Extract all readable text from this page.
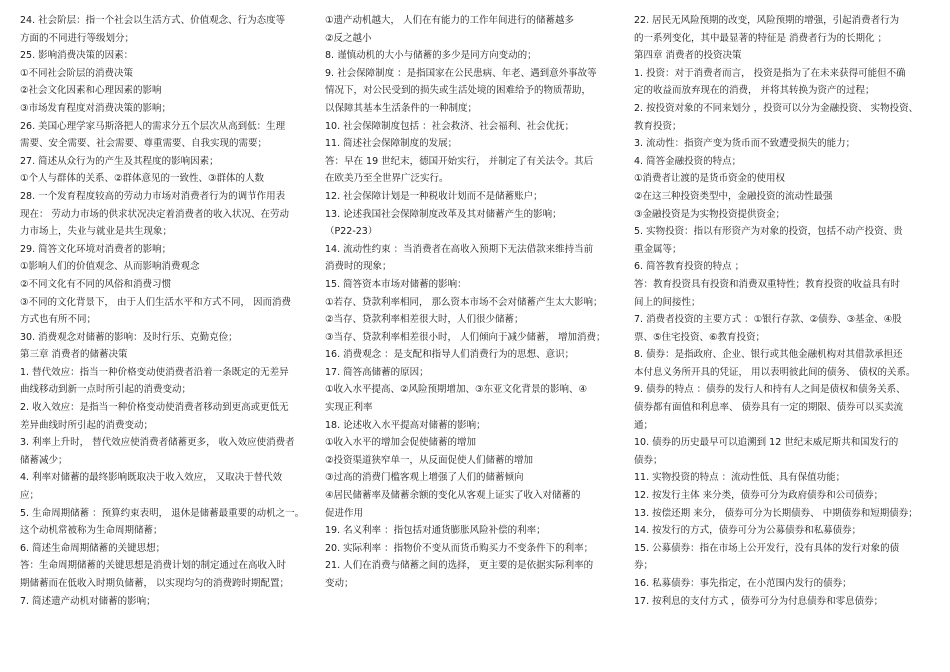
24. 社会阶层：指一个社会以生活方式、价值观念、行为态度等
方面的不同进行等级划分；
25. 影响消费决策的因素：
①不同社会阶层的消费决策
②社会文化因素和心理因素的影响
③市场发育程度对消费决策的影响；
26. 美国心理学家马斯洛把人的需求分五个层次从高到低：生理
需要、安全需要、社会需要、尊重需要、自我实现的需要；
27. 简述从众行为的产生及其程度的影响因素；
①个人与群体的关系、②群体意见的一致性、③群体的人数
28. 一个发育程度较高的劳动力市场对消费者行为的调节作用表
现在： 劳动力市场的供求状况决定着消费者的收入状况、在劳动
力市场上，失业与就业是共生现象；
29. 简答文化环境对消费者的影响；
①影响人们的价值观念、从而影响消费观念
②不同文化有不同的风俗和消费习惯
③不同的文化背景下， 由于人们生活水平和方式不同， 因而消费
方式也有所不同；
30. 消费观念对储蓄的影响：及时行乐、克勤克俭；
第三章 消费者的储蓄决策
1. 替代效应：指当一种价格变动使消费者沿着一条既定的无差异
曲线移动到新一点时所引起的消费变动；
2. 收入效应：是指当一种价格变动使消费者移动到更高或更低无
差异曲线时所引起的消费变动；
3. 利率上升时， 替代效应使消费者储蓄更多， 收入效应使消费者
储蓄减少；
4. 利率对储蓄的最终影响既取决于收入效应， 又取决于替代效
应；
5. 生命周期储蓄 ：预算约束表明， 退休是储蓄最重要的动机之一。
这个动机常被称为生命周期储蓄；
6. 简述生命周期储蓄的关键思想；
答：生命周期储蓄的关键思想是消费计划的制定通过在高收入时
期储蓄而在低收入时期负储蓄， 以实现均匀的消费跨时期配置；
7. 简述遗产动机对储蓄的影响；
①遗产动机越大， 人们在有能力的工作年间进行的储蓄越多
②反之越小
8. 谨慎动机的大小与储蓄的多少是同方向变动的；
9. 社会保障制度 ：是指国家在公民患病、年老、遇到意外事故等
情况下，对公民受到的损失或生活处境的困难给予的物质帮助，
以保障其基本生活条件的一种制度；
10. 社会保障制度包括 ：社会救济、社会福利、社会优抚；
11. 简述社会保障制度的发展；
答：早在 19 世纪末，德国开始实行， 并制定了有关法令。其后
在欧美乃至全世界广泛实行。
12. 社会保障计划是一种税收计划而不是储蓄账户；
13. 论述我国社会保障制度改革及其对储蓄产生的影响；
（P22-23）
14. 流动性约束 ：当消费者在高收入预期下无法借款来维持当前
消费时的现象；
15. 简答资本市场对储蓄的影响：
①若存、贷款利率相同， 那么资本市场不会对储蓄产生太大影响；
②当存、贷款利率相差很大时，人们很少储蓄；
③当存、贷款利率相差很小时， 人们倾向于减少储蓄， 增加消费；
16. 消费观念 ：是支配和指导人们消费行为的思想、意识；
17. 简答高储蓄的原因；
①收入水平提高、②风险预期增加、③东亚文化背景的影响、④
实现正利率
18. 论述收入水平提高对储蓄的影响；
①收入水平的增加会促使储蓄的增加
②投资渠道狭窄单一，从反面促使人们储蓄的增加
③过高的消费门槛客观上增强了人们的储蓄倾向
④居民储蓄率及储蓄余额的变化从客观上证实了收入对储蓄的
促进作用
19. 名义利率 ：指包括对通货膨胀风险补偿的利率；
20. 实际利率 ：指物价不变从而货币购买力不变条件下的利率；
21. 人们在消费与储蓄之间的选择， 更主要的是依据实际利率的
变动；
22. 居民无风险预期的改变，风险预期的增强，引起消费者行为
的一系列变化，其中最显著的特征是 消费者行为的长期化 ；
第四章 消费者的投资决策
1. 投资：对于消费者而言， 投资是指为了在未来获得可能但不确
定的收益而放弃现在的消费， 并将其转换为资产的过程；
2. 按投资对象的不同来划分 ，投资可以分为金融投资、 实物投资、
教育投资；
3. 流动性：指资产变为货币而不致遭受损失的能力；
4. 简答金融投资的特点；
①消费者让渡的是货币资金的使用权
②在这三种投资类型中，金融投资的流动性最强
③金融投资是为实物投资提供资金；
5. 实物投资：指以有形资产为对象的投资，包括不动产投资、贵
重金属等；
6. 简答教育投资的特点 ；
答：教育投资具有投资和消费双重特性；教育投资的收益具有时
间上的间接性；
7. 消费者投资的主要方式 ：①银行存款、②债券、③基金、④股
票、⑤住宅投资、⑥教育投资；
8. 债券：是指政府、企业、银行或其他金融机构对其借款承担还
本付息义务所开具的凭证， 用以表明彼此间的债务、 债权的关系。
9. 债券的特点 ：债券的发行人和持有人之间是债权和债务关系、
债券都有面值和利息率、 债券具有一定的期限、债券可以买卖流
通；
10. 债券的历史最早可以追溯到 12 世纪末威尼斯共和国发行的
债券；
11. 实物投资的特点 ：流动性低、具有保值功能；
12. 按发行主体 来分类，债券可分为政府债券和公司债券；
13. 按偿还期 来分， 债券可分为长期债券、 中期债券和短期债券；
14. 按发行的方式，债券可分为公募债券和私募债券；
15. 公募债券：指在市场上公开发行，没有具体的发行对象的债
券；
16. 私募债券：事先指定，在小范围内发行的债券；
17. 按利息的支付方式 ，债券可分为付息债券和零息债券；
